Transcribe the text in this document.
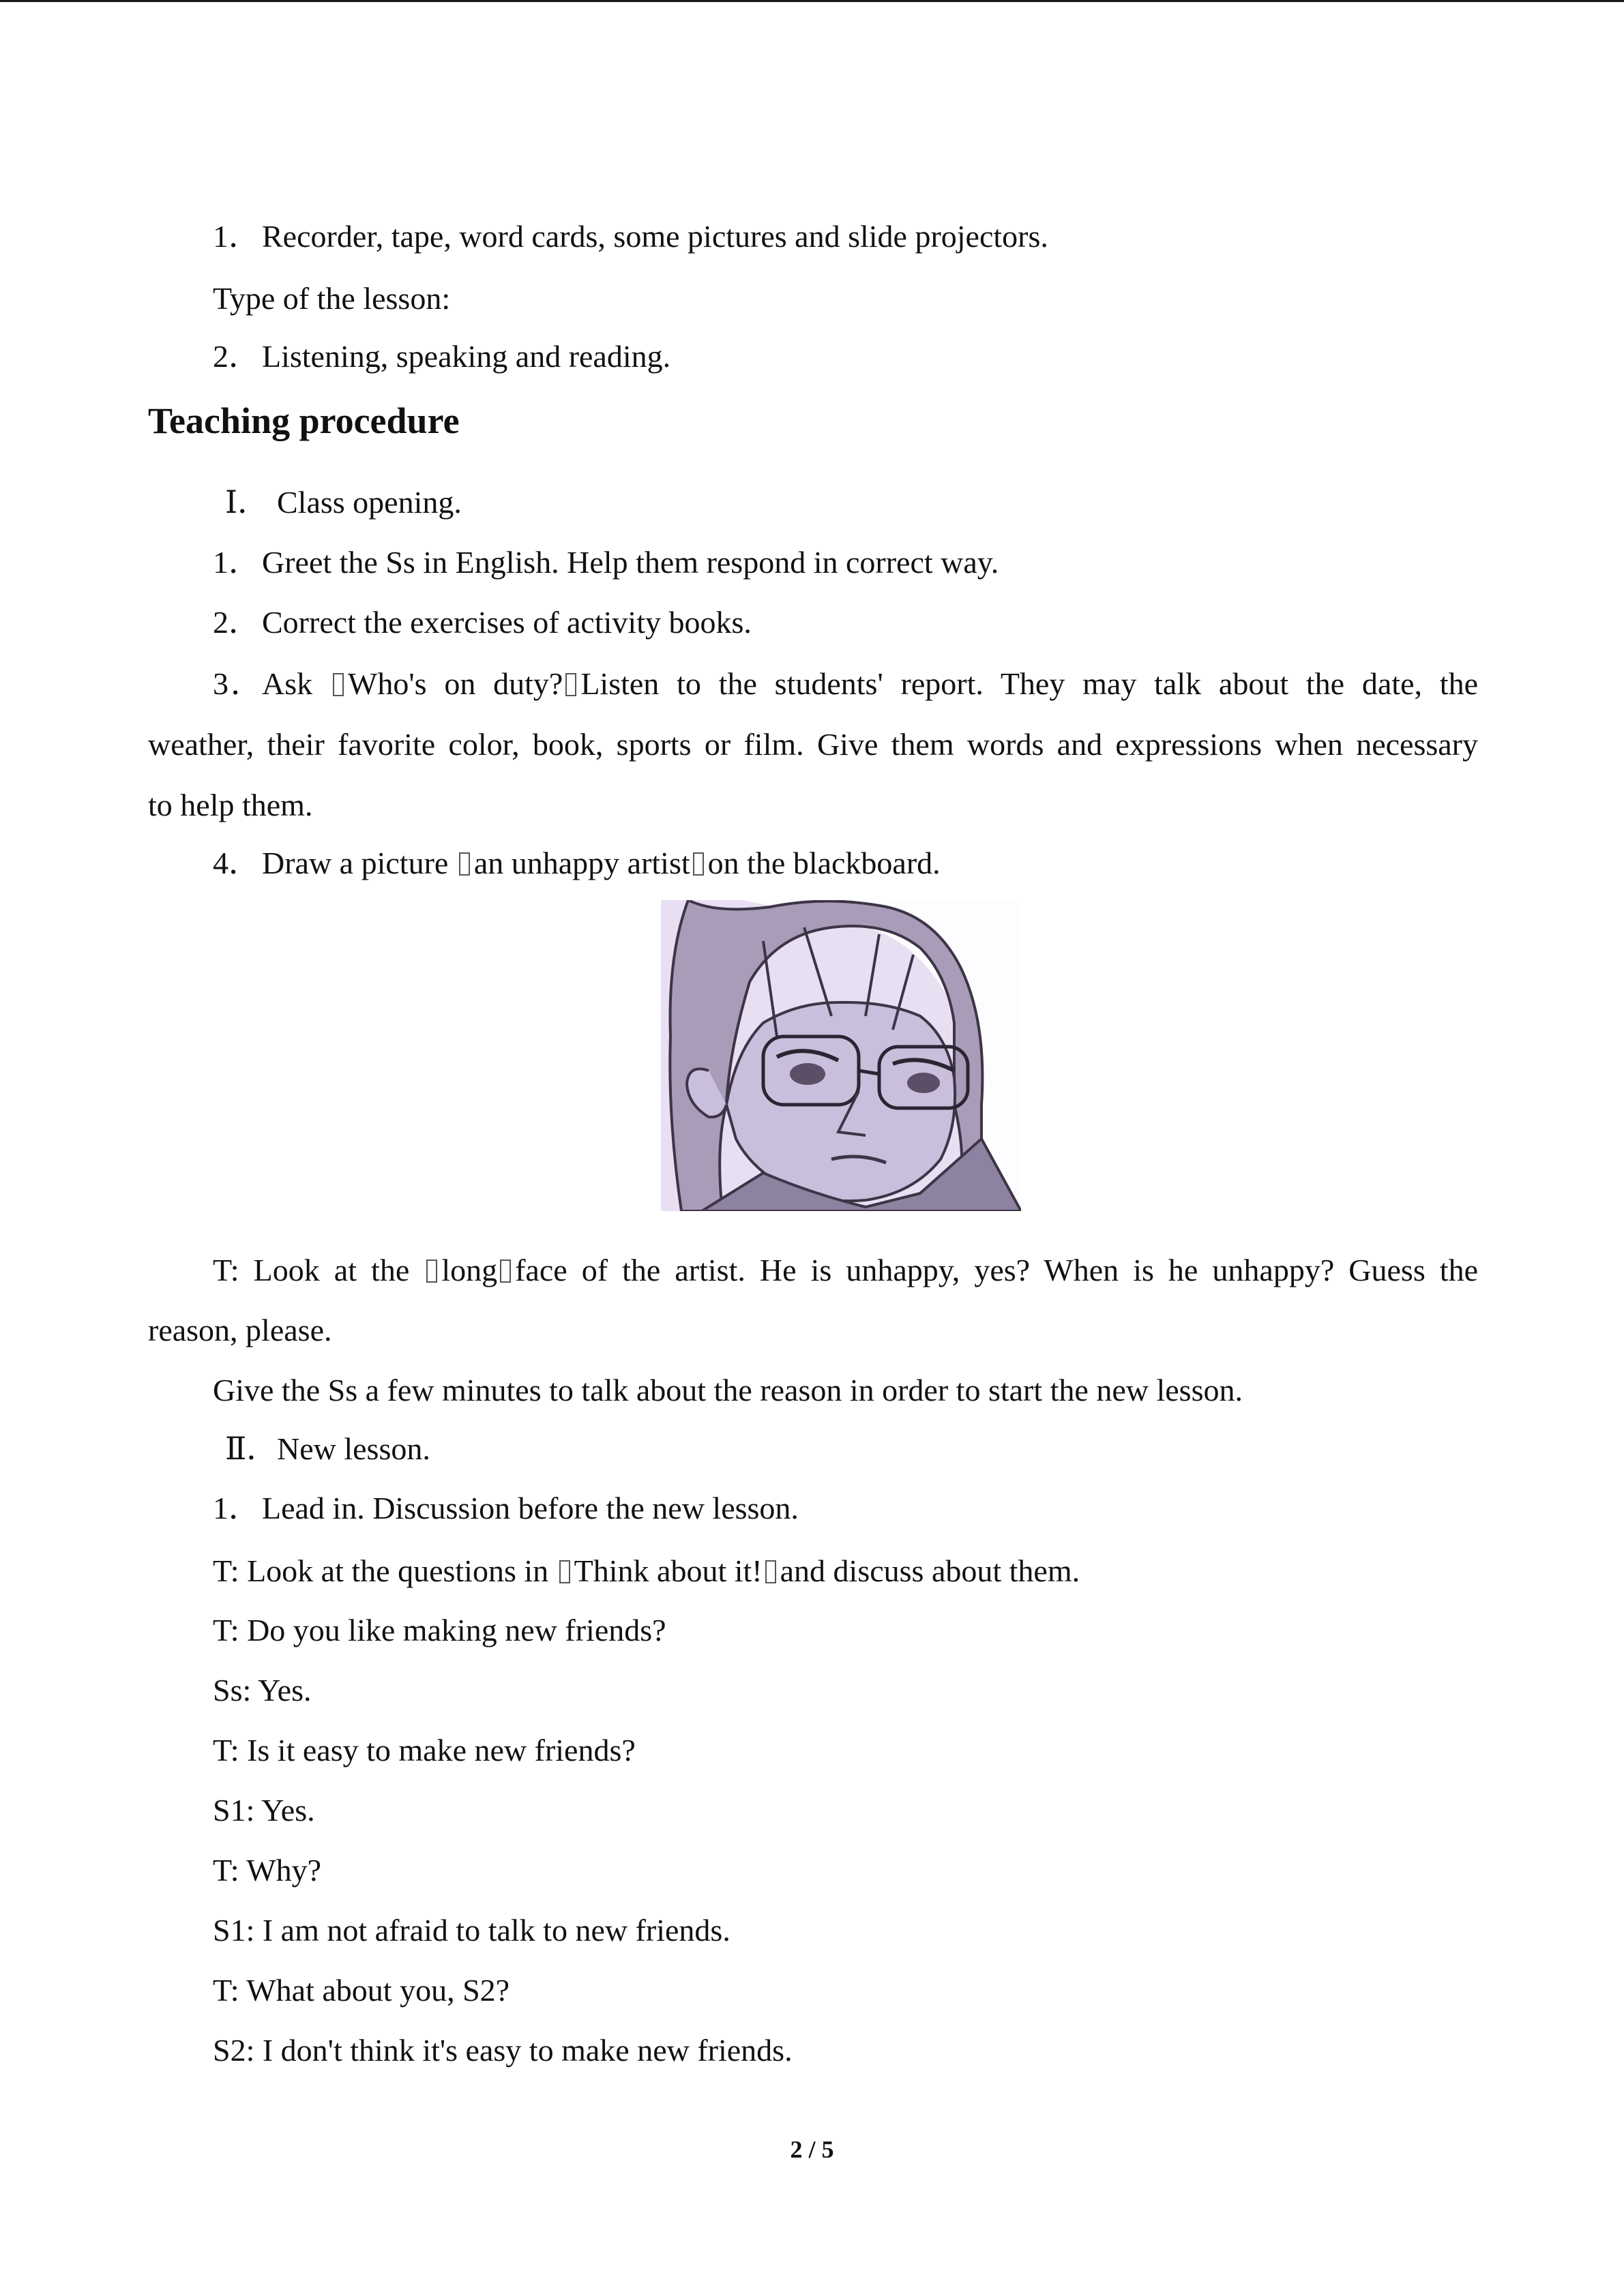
1．Recorder, tape, word cards, some pictures and slide projectors.
Type of the lesson:
2．Listening, speaking and reading.
Teaching procedure
Ⅰ． Class opening.
1．Greet the Ss in English. Help them respond in correct way.
2．Correct the exercises of activity books.
3．Ask Who's on duty? Listen to the students' report. They may talk about the date, the
weather, their favorite color, book, sports or film. Give them words and expressions when necessary
to help them.
4．Draw a picture an unhappy artist on the blackboard.
T: Look at the long face of the artist. He is unhappy, yes? When is he unhappy? Guess the
reason, please.
Give the Ss a few minutes to talk about the reason in order to start the new lesson.
Ⅱ．New lesson.
1．Lead in. Discussion before the new lesson.
T: Look at the questions in Think about it! and discuss about them.
T: Do you like making new friends?
Ss: Yes.
T: Is it easy to make new friends?
S1: Yes.
T: Why?
S1: I am not afraid to talk to new friends.
T: What about you, S2?
S2: I don't think it's easy to make new friends.
2 / 5
